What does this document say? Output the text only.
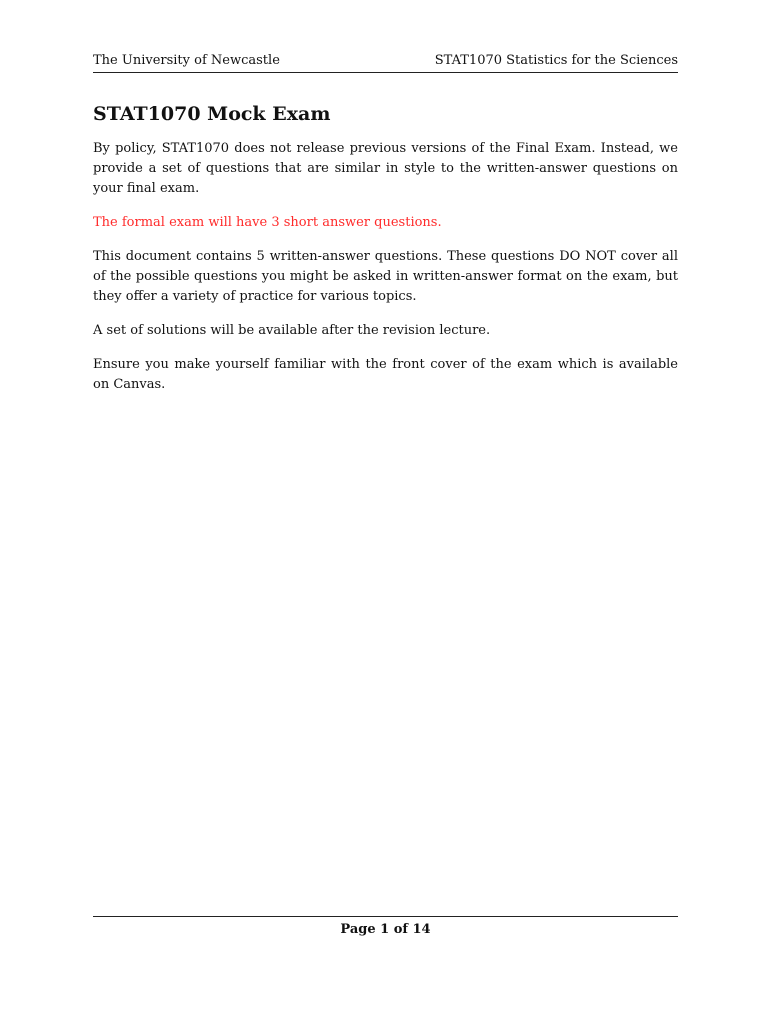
The University of Newcastle	STAT1070 Statistics for the Sciences
STAT1070 Mock Exam

By policy, STAT1070 does not release previous versions of the Final Exam. Instead, we provide a set of questions that are similar in style to the written-answer questions on your final exam.

The formal exam will have 3 short answer questions.

This document contains 5 written-answer questions. These questions DO NOT cover all of the possible questions you might be asked in written-answer format on the exam, but they offer a variety of practice for various topics.

A set of solutions will be available after the revision lecture.

Ensure you make yourself familiar with the front cover of the exam which is available on Canvas.

Page 1 of 14
